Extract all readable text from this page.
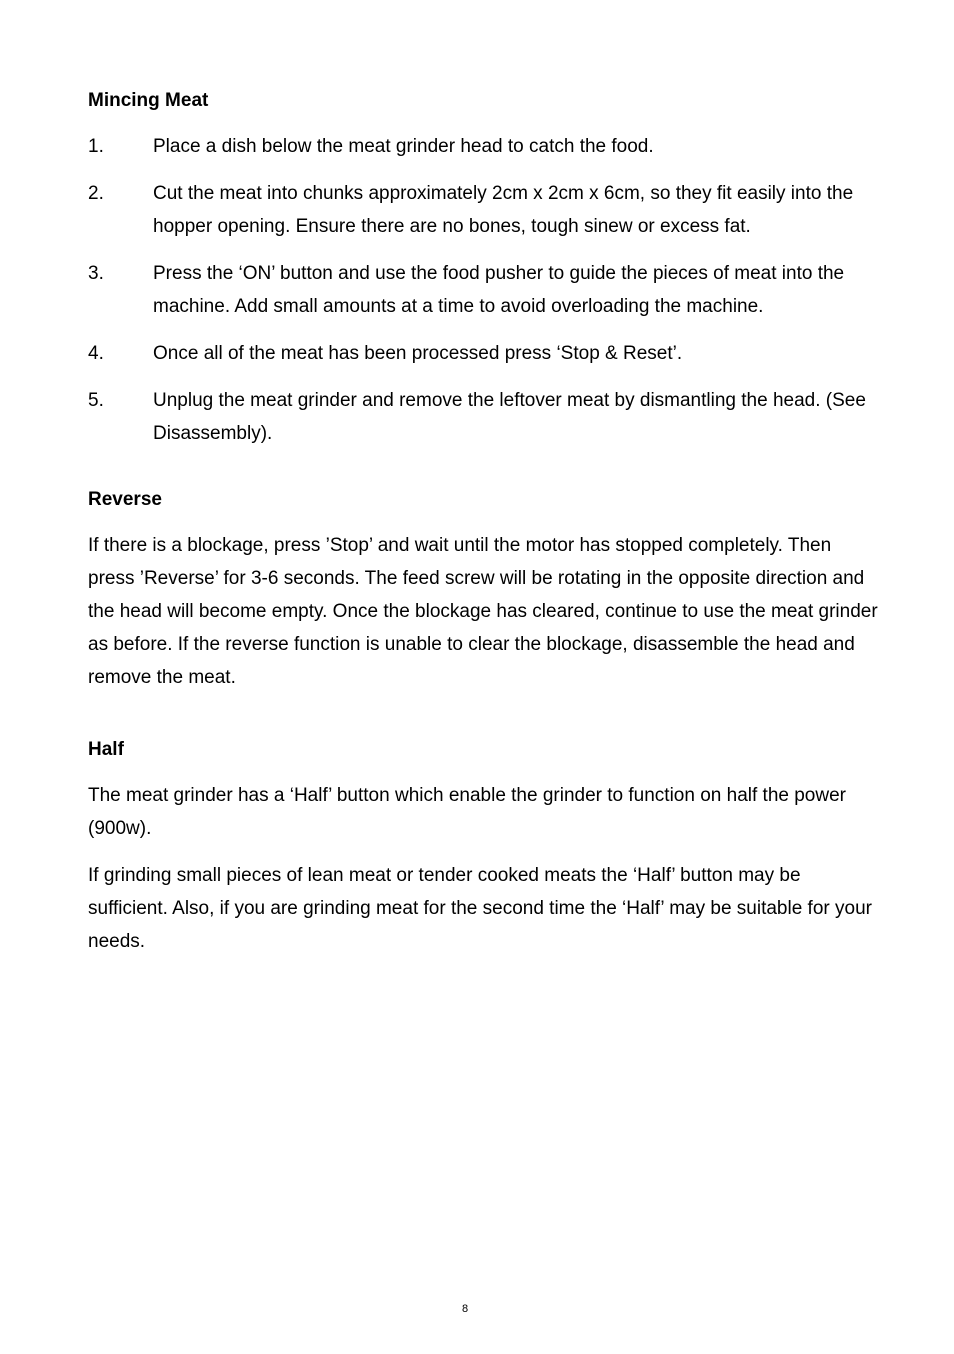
Mincing Meat
1.	Place a dish below the meat grinder head to catch the food.
2.	Cut the meat into chunks approximately 2cm x 2cm x 6cm, so they fit easily into the hopper opening. Ensure there are no bones, tough sinew or excess fat.
3.	Press the ‘ON’ button and use the food pusher to guide the pieces of meat into the machine. Add small amounts at a time to avoid overloading the machine.
4.	Once all of the meat has been processed press ‘Stop & Reset’.
5.	Unplug the meat grinder and remove the leftover meat by dismantling the head. (See Disassembly).
Reverse

If there is a blockage, press ’Stop’ and wait until the motor has stopped completely. Then press ’Reverse’ for 3-6 seconds. The feed screw will be rotating in the opposite direction and the head will become empty. Once the blockage has cleared, continue to use the meat grinder as before. If the reverse function is unable to clear the blockage, disassemble the head and remove the meat.

Half

The meat grinder has a ‘Half’ button which enable the grinder to function on half the power (900w).

If grinding small pieces of lean meat or tender cooked meats the ‘Half’ button may be sufficient. Also, if you are grinding meat for the second time the ‘Half’ may be suitable for your needs.

8
